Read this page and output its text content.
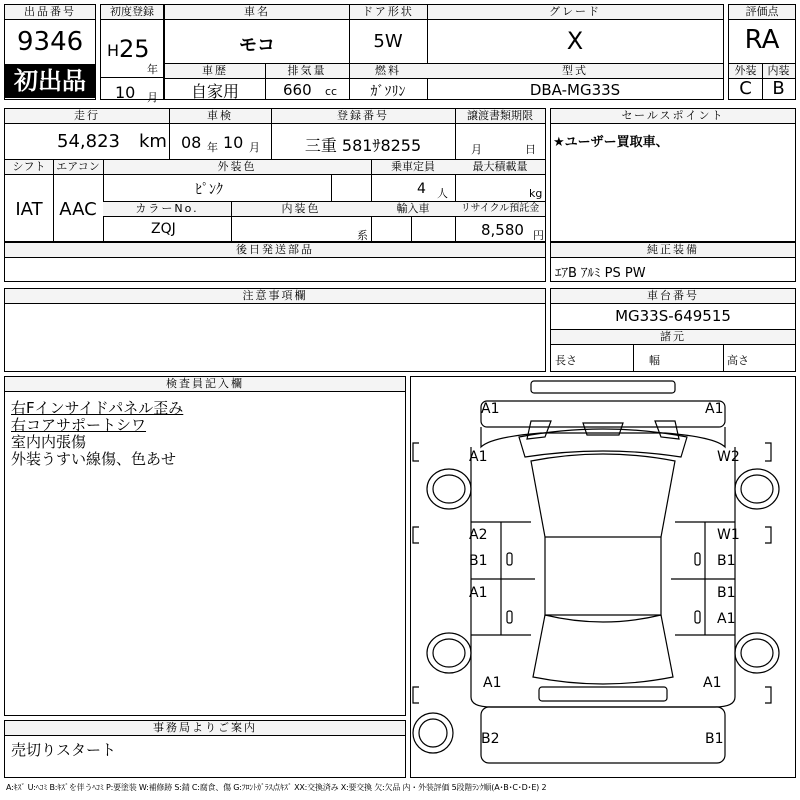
出品番号
9346
初出品
初度登録
H 25
年
10 月
車名	ドア形状	グレード
モコ	5W	X
車歴	排気量	燃料	型式
自家用	660 cc	ｶﾞｿﾘﾝ	DBA-MG33S
評価点
RA
外装	内装
C	B
走行	車検	登録番号	譲渡書類期限
54,823 km 08 年 10 月	三重 581ｻ8255	月	日
シフト エアコン	外装色	乗車定員	最大積載量
IAT AAC
ﾋﾟﾝｸ	4 人	kg
カラーNo.	内装色	輸入車	リサイクル預託金
ZQJ	系	8,580 円
セールスポイント
★ユーザー買取車、
後日発送部品	純正装備
ｴｱB ｱﾙﾐ PS PW
注意事項欄	車台番号
MG33S-649515
諸元
長さ	幅	高さ
検査員記入欄
右Fインサイドパネル歪み
右コアサポートシワ
室内内張傷
外装うすい線傷、色あせ
事務局よりご案内
売切りスタート
A1	A1
A1	W2
A2
B1
W1
B1
A1	B1
A1
A1	A1
B2	B1
A:ｷｽﾞ U:ﾍｺﾐ B:ｷｽﾞを伴うﾍｺﾐ P:要塗装 W:補修跡 S:錆 C:腐食、傷 G:ﾌﾛﾝﾄｶﾞﾗｽ点ｷｽﾞ XX:交換済み X:要交換 欠:欠品 内・外装評価 5段階ﾗﾝｸ順(A･B･C･D･E) 2
